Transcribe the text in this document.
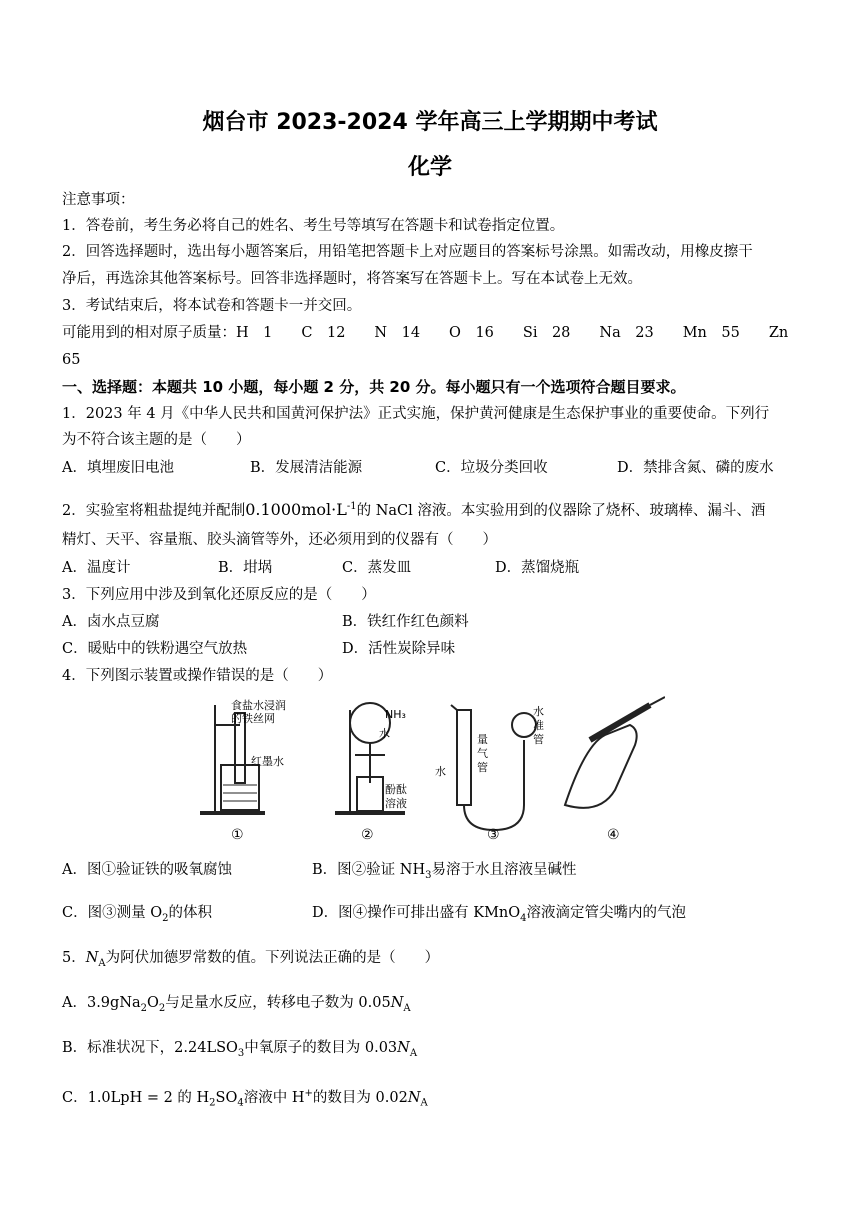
烟台市 2023-2024 学年高三上学期期中考试
化学
注意事项：
1．答卷前，考生务必将自己的姓名、考生号等填写在答题卡和试卷指定位置。
2．回答选择题时，选出每小题答案后，用铅笔把答题卡上对应题目的答案标号涂黑。如需改动，用橡皮擦干
净后，再选涂其他答案标号。回答非选择题时，将答案写在答题卡上。写在本试卷上无效。
3．考试结束后，将本试卷和答题卡一并交回。
可能用到的相对原子质量：H　1　　C　12　　N　14　　O　16　　Si　28　　Na　23　　Mn　55　　Zn
65
一、选择题：本题共 10 小题，每小题 2 分，共 20 分。每小题只有一个选项符合题目要求。
1．2023 年 4 月《中华人民共和国黄河保护法》正式实施，保护黄河健康是生态保护事业的重要使命。下列行
为不符合该主题的是（　　）
A．填埋废旧电池	B．发展清洁能源	C．垃圾分类回收	D．禁排含氮、磷的废水
2．实验室将粗盐提纯并配制$0.1000mol\cdot L^{-1}$的 NaCl 溶液。本实验用到的仪器除了烧杯、玻璃棒、漏斗、酒
精灯、天平、容量瓶、胶头滴管等外，还必须用到的仪器有（　　）
A．温度计	B．坩埚	C．蒸发皿	D．蒸馏烧瓶
3．下列应用中涉及到氧化还原反应的是（　　）
A．卤水点豆腐	B．铁红作红色颜料
C．暖贴中的铁粉遇空气放热	D．活性炭除异味
4．下列图示装置或操作错误的是（　　）
食盐水浸润
的铁丝网
红墨水
NH₃
水
酚酞
溶液
量
气
管
水
准
管
水
①	②	③	④
A．图①验证铁的吸氧腐蚀	B．图②验证 $NH_3$易溶于水且溶液呈碱性
C．图③测量 $O_2$的体积	D．图④操作可排出盛有 KMnO$_4$溶液滴定管尖嘴内的气泡
5．$N_A$为阿伏加德罗常数的值。下列说法正确的是（　　）
A．$3.9gNa_2O_2$与足量水反应，转移电子数为 $0.05N_A$
B．标准状况下，$2.24LSO_3$中氧原子的数目为 $0.03N_A$
C．1.0LpH = 2 的 $H_2SO_4$溶液中 H+的数目为 $0.02N_A$
